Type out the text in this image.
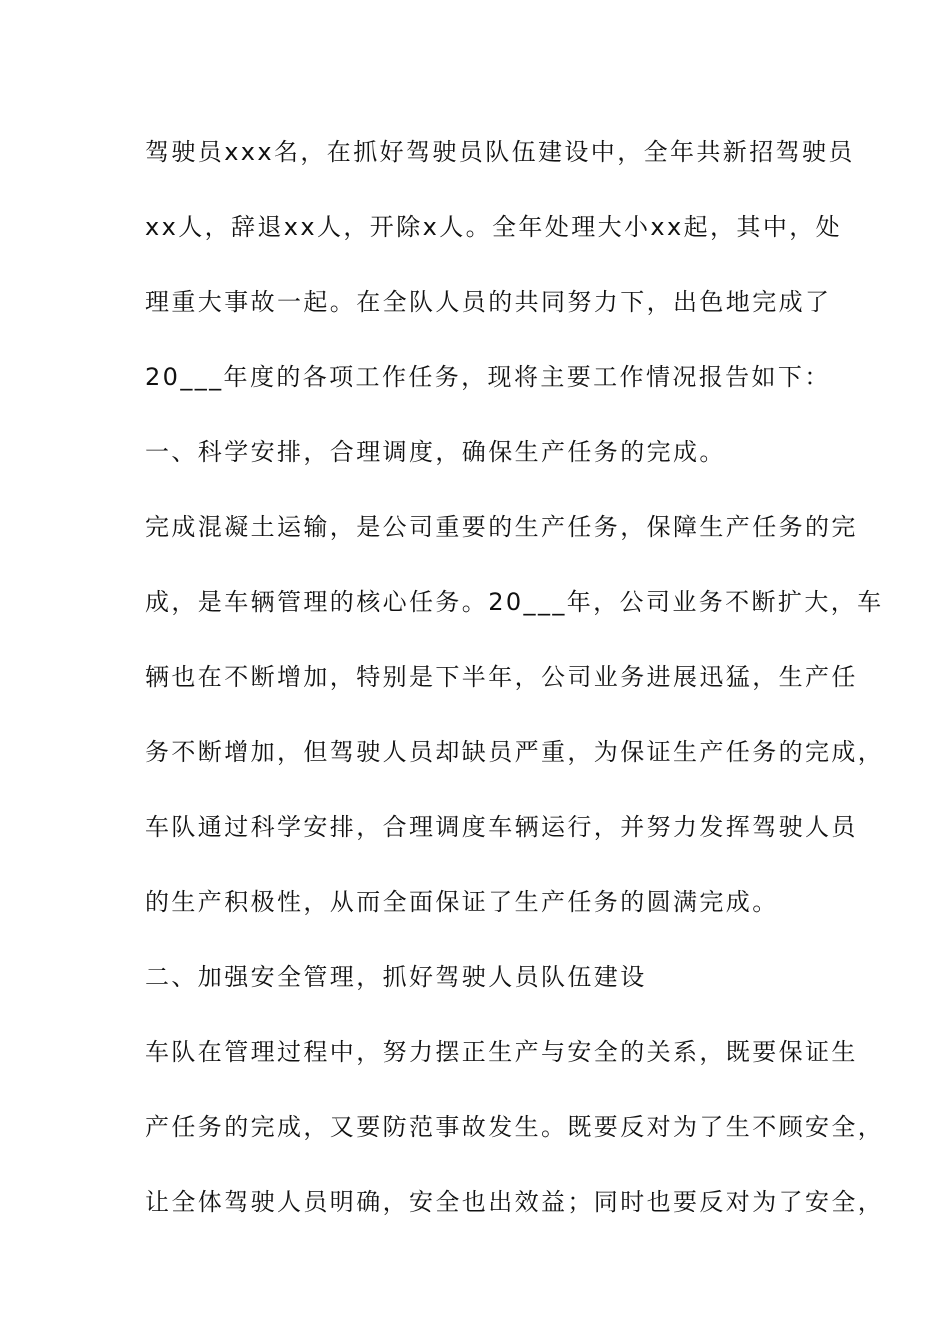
驾驶员xxx名，在抓好驾驶员队伍建设中，全年共新招驾驶员
xx人，辞退xx人，开除x人。全年处理大小xx起，其中，处
理重大事故一起。在全队人员的共同努力下，出色地完成了
20___年度的各项工作任务，现将主要工作情况报告如下：
一、科学安排，合理调度，确保生产任务的完成。
完成混凝土运输，是公司重要的生产任务，保障生产任务的完
成，是车辆管理的核心任务。20___年，公司业务不断扩大，车
辆也在不断增加，特别是下半年，公司业务进展迅猛，生产任
务不断增加，但驾驶人员却缺员严重，为保证生产任务的完成，
车队通过科学安排，合理调度车辆运行，并努力发挥驾驶人员
的生产积极性，从而全面保证了生产任务的圆满完成。
二、加强安全管理，抓好驾驶人员队伍建设
车队在管理过程中，努力摆正生产与安全的关系，既要保证生
产任务的完成，又要防范事故发生。既要反对为了生不顾安全，
让全体驾驶人员明确，安全也出效益；同时也要反对为了安全，
